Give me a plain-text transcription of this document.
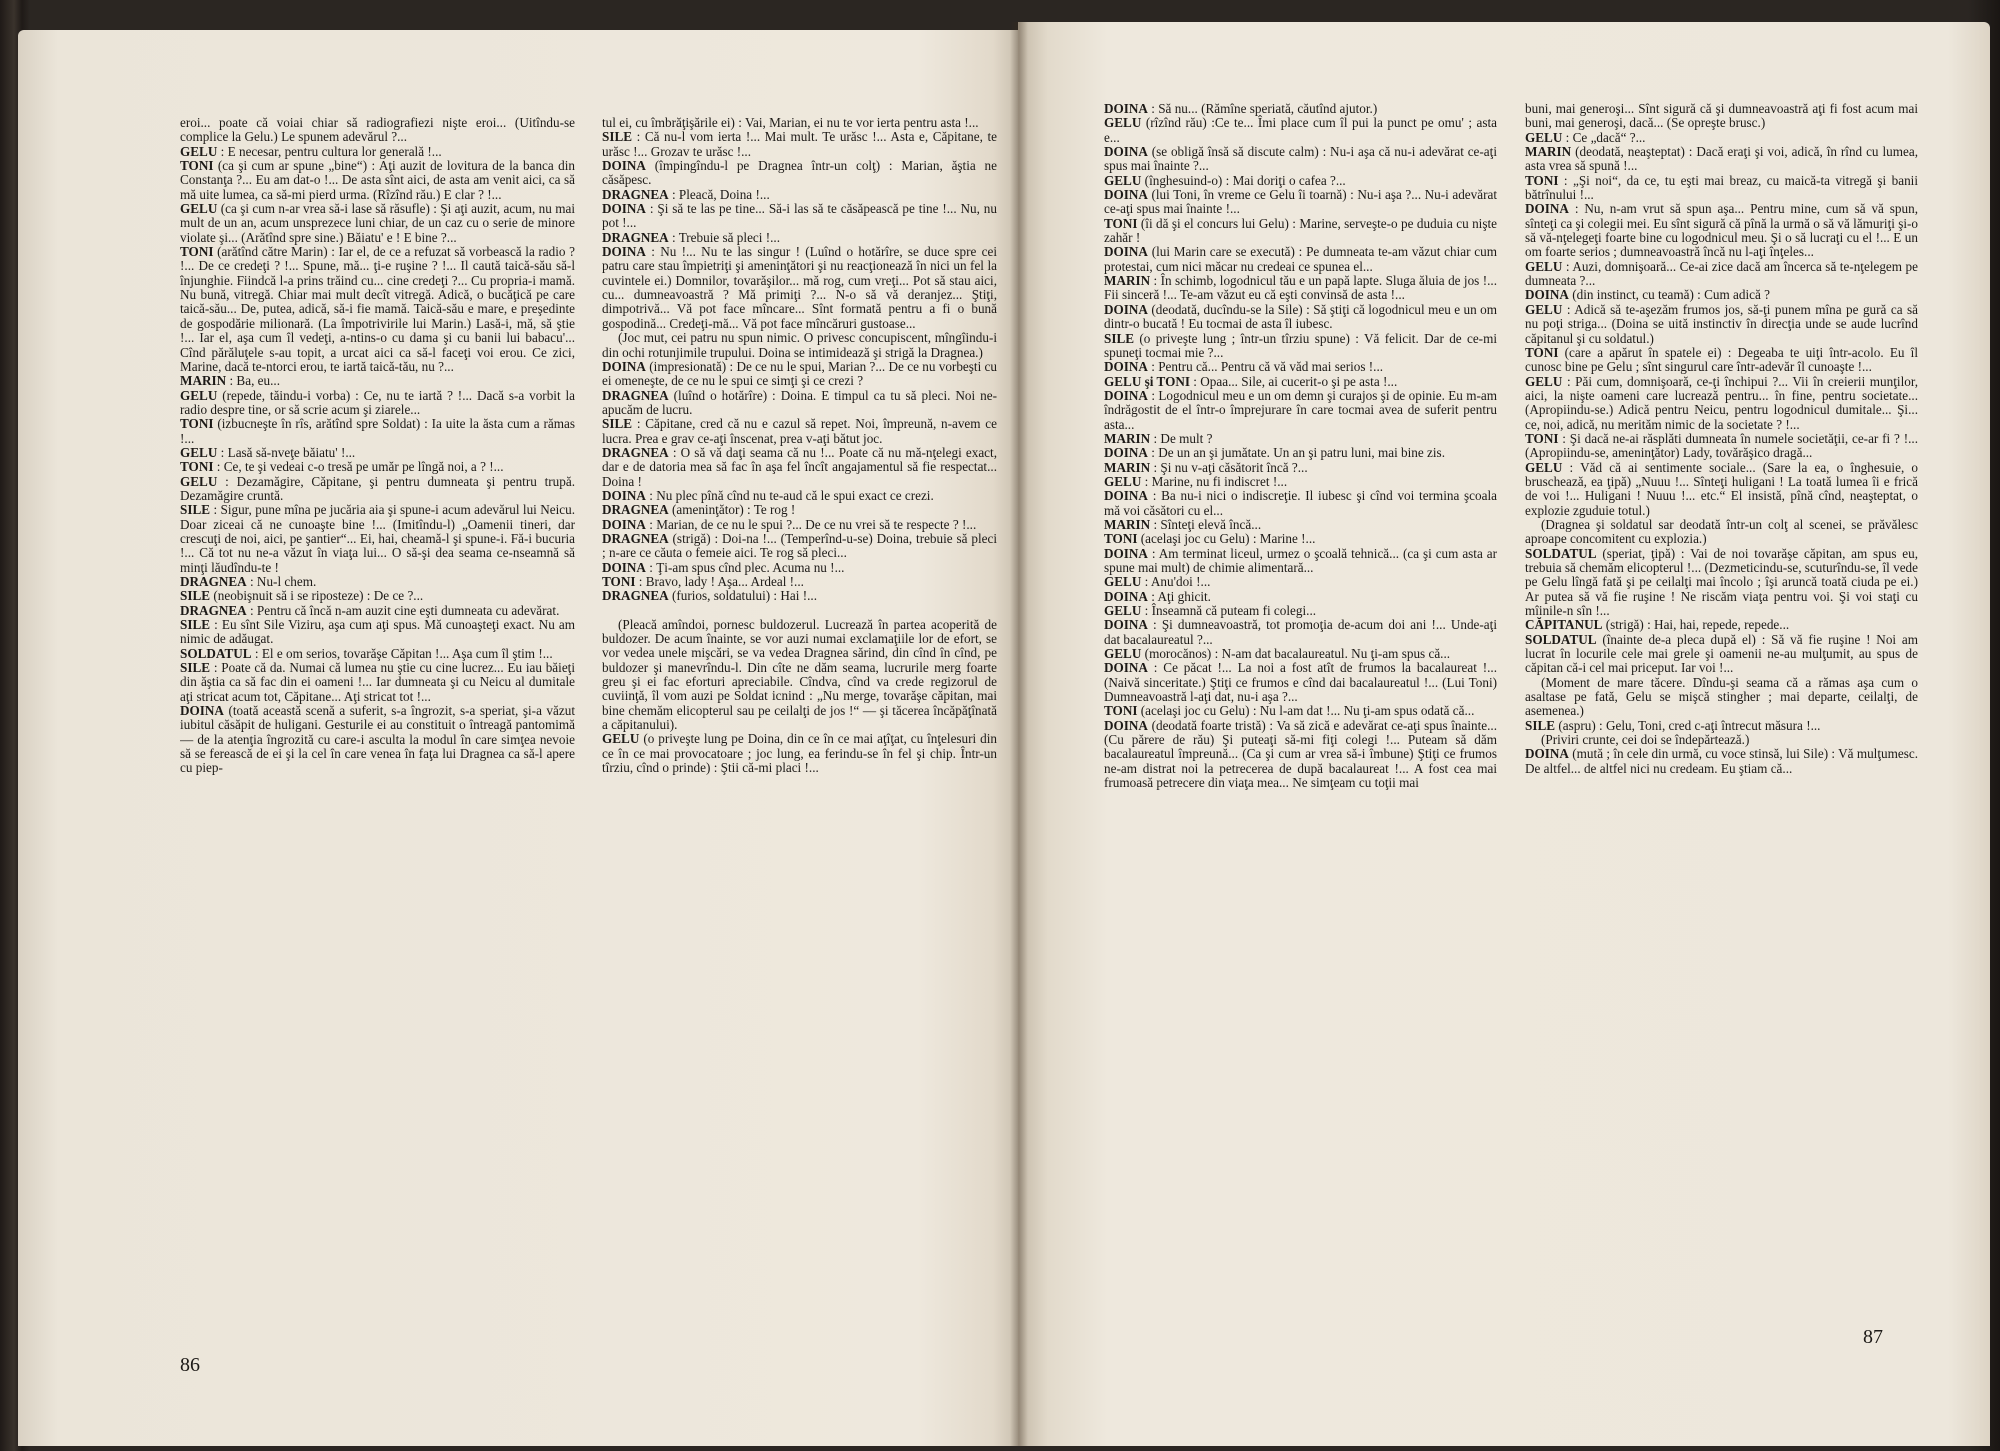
eroi... poate că voiai chiar să radiografiezi nişte eroi... (Uitîndu-se complice la Gelu.) Le spunem adevărul ?...

GELU : E necesar, pentru cultura lor generală !...

TONI (ca şi cum ar spune „bine“) : Aţi auzit de lovitura de la banca din Constanţa ?... Eu am dat-o !... De asta sînt aici, de asta am venit aici, ca să mă uite lumea, ca să-mi pierd urma. (Rîzînd rău.) E clar ? !...

GELU (ca şi cum n-ar vrea să-i lase să răsufle) : Şi aţi auzit, acum, nu mai mult de un an, acum unsprezece luni chiar, de un caz cu o serie de minore violate şi... (Arătînd spre sine.) Băiatu' e ! E bine ?...

TONI (arătînd către Marin) : Iar el, de ce a refuzat să vorbească la radio ? !... De ce credeţi ? !... Spune, mă... ţi-e ruşine ? !... Il caută taică-său să-l înjunghie. Fiindcă l-a prins trăind cu... cine credeţi ?... Cu propria-i mamă. Nu bună, vitregă. Chiar mai mult decît vitregă. Adică, o bucăţică pe care taică-său... De, putea, adică, să-i fie mamă. Taică-său e mare, e preşedinte de gospodărie milionară. (La împotrivirile lui Marin.) Lasă-i, mă, să ştie !... Iar el, aşa cum îl vedeţi, a-ntins-o cu dama şi cu banii lui babacu'... Cînd părăluţele s-au topit, a urcat aici ca să-l faceţi voi erou. Ce zici, Marine, dacă te-ntorci erou, te iartă taică-tău, nu ?...

MARIN : Ba, eu...

GELU (repede, tăindu-i vorba) : Ce, nu te iartă ? !... Dacă s-a vorbit la radio despre tine, or să scrie acum şi ziarele...

TONI (izbucneşte în rîs, arătînd spre Soldat) : Ia uite la ăsta cum a rămas !...

GELU : Lasă să-nveţe băiatu' !...

TONI : Ce, te şi vedeai c-o tresă pe umăr pe lîngă noi, a ? !...

GELU : Dezamăgire, Căpitane, şi pentru dumneata şi pentru trupă. Dezamăgire cruntă.

SILE : Sigur, pune mîna pe jucăria aia şi spune-i acum adevărul lui Neicu. Doar ziceai că ne cunoaşte bine !... (Imitîndu-l) „Oamenii tineri, dar crescuţi de noi, aici, pe şantier“... Ei, hai, cheamă-l şi spune-i. Fă-i bucuria !... Că tot nu ne-a văzut în viaţa lui... O să-şi dea seama ce-nseamnă să minţi lăudîndu-te !

DRAGNEA : Nu-l chem.

SILE (neobişnuit să i se riposteze) : De ce ?...

DRAGNEA : Pentru că încă n-am auzit cine eşti dumneata cu adevărat.

SILE : Eu sînt Sile Viziru, aşa cum aţi spus. Mă cunoaşteţi exact. Nu am nimic de adăugat.

SOLDATUL : El e om serios, tovarăşe Căpitan !... Aşa cum îl ştim !...

SILE : Poate că da. Numai că lumea nu ştie cu cine lucrez... Eu iau băieţi din ăştia ca să fac din ei oameni !... Iar dumneata şi cu Neicu al dumitale aţi stricat acum tot, Căpitane... Aţi stricat tot !...

DOINA (toată această scenă a suferit, s-a îngrozit, s-a speriat, şi-a văzut iubitul căsăpit de huligani. Gesturile ei au constituit o întreagă pantomimă — de la atenţia îngrozită cu care-i asculta la modul în care simţea nevoie să se ferească de ei şi la cel în care venea în faţa lui Dragnea ca să-l apere cu piep-

tul ei, cu îmbrăţişările ei) : Vai, Marian, ei nu te vor ierta pentru asta !...

SILE : Că nu-l vom ierta !... Mai mult. Te urăsc !... Asta e, Căpitane, te urăsc !... Grozav te urăsc !...

DOINA (împingîndu-l pe Dragnea într-un colţ) : Marian, ăştia ne căsăpesc.

DRAGNEA : Pleacă, Doina !...

DOINA : Şi să te las pe tine... Să-i las să te căsăpească pe tine !... Nu, nu pot !...

DRAGNEA : Trebuie să pleci !...

DOINA : Nu !... Nu te las singur ! (Luînd o hotărîre, se duce spre cei patru care stau împietriţi şi ameninţători şi nu reacţionează în nici un fel la cuvintele ei.) Domnilor, tovarăşilor... mă rog, cum vreţi... Pot să stau aici, cu... dumneavoastră ? Mă primiţi ?... N-o să vă deranjez... Ştiţi, dimpotrivă... Vă pot face mîncare... Sînt formată pentru a fi o bună gospodină... Credeţi-mă... Vă pot face mîncăruri gustoase...

(Joc mut, cei patru nu spun nimic. O privesc concupiscent, mîngîindu-i din ochi rotunjimile trupului. Doina se intimidează şi strigă la Dragnea.)

DOINA (impresionată) : De ce nu le spui, Marian ?... De ce nu vorbeşti cu ei omeneşte, de ce nu le spui ce simţi şi ce crezi ?

DRAGNEA (luînd o hotărîre) : Doina. E timpul ca tu să pleci. Noi ne-apucăm de lucru.

SILE : Căpitane, cred că nu e cazul să repet. Noi, împreună, n-avem ce lucra. Prea e grav ce-aţi înscenat, prea v-aţi bătut joc.

DRAGNEA : O să vă daţi seama că nu !... Poate că nu mă-nţelegi exact, dar e de datoria mea să fac în aşa fel încît angajamentul să fie respectat... Doina !

DOINA : Nu plec pînă cînd nu te-aud că le spui exact ce crezi.

DRAGNEA (ameninţător) : Te rog !

DOINA : Marian, de ce nu le spui ?... De ce nu vrei să te respecte ? !...

DRAGNEA (strigă) : Doi-na !... (Temperînd-u-se) Doina, trebuie să pleci ; n-are ce căuta o femeie aici. Te rog să pleci...

DOINA : Ţi-am spus cînd plec. Acuma nu !...

TONI : Bravo, lady ! Aşa... Ardeal !...

DRAGNEA (furios, soldatului) : Hai !...

(Pleacă amîndoi, pornesc buldozerul. Lucrează în partea acoperită de buldozer. De acum înainte, se vor auzi numai exclamaţiile lor de efort, se vor vedea unele mişcări, se va vedea Dragnea sărind, din cînd în cînd, pe buldozer şi manevrîndu-l. Din cîte ne dăm seama, lucrurile merg foarte greu şi ei fac eforturi apreciabile. Cîndva, cînd va crede regizorul de cuviinţă, îl vom auzi pe Soldat icnind : „Nu merge, tovarăşe căpitan, mai bine chemăm elicopterul sau pe ceilalţi de jos !“ — şi tăcerea încăpăţînată a căpitanului).

GELU (o priveşte lung pe Doina, din ce în ce mai aţîţat, cu înţelesuri din ce în ce mai provocatoare ; joc lung, ea ferindu-se în fel şi chip. Într-un tîrziu, cînd o prinde) : Ştii că-mi placi !...

86

DOINA : Să nu... (Rămîne speriată, căutînd ajutor.)

GELU (rîzînd rău) :Ce te... Îmi place cum îl pui la punct pe omu' ; asta e...

DOINA (se obligă însă să discute calm) : Nu-i aşa că nu-i adevărat ce-aţi spus mai înainte ?...

GELU (înghesuind-o) : Mai doriţi o cafea ?...

DOINA (lui Toni, în vreme ce Gelu îi toarnă) : Nu-i aşa ?... Nu-i adevărat ce-aţi spus mai înainte !...

TONI (îi dă şi el concurs lui Gelu) : Marine, serveşte-o pe duduia cu nişte zahăr !

DOINA (lui Marin care se execută) : Pe dumneata te-am văzut chiar cum protestai, cum nici măcar nu credeai ce spunea el...

MARIN : În schimb, logodnicul tău e un papă lapte. Sluga ăluia de jos !... Fii sinceră !... Te-am văzut eu că eşti convinsă de asta !...

DOINA (deodată, ducîndu-se la Sile) : Să ştiţi că logodnicul meu e un om dintr-o bucată ! Eu tocmai de asta îl iubesc.

SILE (o priveşte lung ; într-un tîrziu spune) : Vă felicit. Dar de ce-mi spuneţi tocmai mie ?...

DOINA : Pentru că... Pentru că vă văd mai serios !...

GELU şi TONI : Opaa... Sile, ai cucerit-o şi pe asta !...

DOINA : Logodnicul meu e un om demn şi curajos şi de opinie. Eu m-am îndrăgostit de el într-o împrejurare în care tocmai avea de suferit pentru asta...

MARIN : De mult ?

DOINA : De un an şi jumătate. Un an şi patru luni, mai bine zis.

MARIN : Şi nu v-aţi căsătorit încă ?...

GELU : Marine, nu fi indiscret !...

DOINA : Ba nu-i nici o indiscreţie. Il iubesc şi cînd voi termina şcoala mă voi căsători cu el...

MARIN : Sînteţi elevă încă...

TONI (acelaşi joc cu Gelu) : Marine !...

DOINA : Am terminat liceul, urmez o şcoală tehnică... (ca şi cum asta ar spune mai mult) de chimie alimentară...

GELU : Anu'doi !...

DOINA : Aţi ghicit.

GELU : Înseamnă că puteam fi colegi...

DOINA : Şi dumneavoastră, tot promoţia de-acum doi ani !... Unde-aţi dat bacalaureatul ?...

GELU (morocănos) : N-am dat bacalaureatul. Nu ţi-am spus că...

DOINA : Ce păcat !... La noi a fost atît de frumos la bacalaureat !... (Naivă sinceritate.) Ştiţi ce frumos e cînd dai bacalaureatul !... (Lui Toni) Dumneavoastră l-aţi dat, nu-i aşa ?...

TONI (acelaşi joc cu Gelu) : Nu l-am dat !... Nu ţi-am spus odată că...

DOINA (deodată foarte tristă) : Va să zică e adevărat ce-aţi spus înainte... (Cu părere de rău) Şi puteaţi să-mi fiţi colegi !... Puteam să dăm bacalaureatul împreună... (Ca şi cum ar vrea să-i îmbune) Ştiţi ce frumos ne-am distrat noi la petrecerea de după bacalaureat !... A fost cea mai frumoasă petrecere din viaţa mea... Ne simţeam cu toţii mai

buni, mai generoşi... Sînt sigură că şi dumneavoastră aţi fi fost acum mai buni, mai generoşi, dacă... (Se opreşte brusc.)

GELU : Ce „dacă“ ?...

MARIN (deodată, neaşteptat) : Dacă eraţi şi voi, adică, în rînd cu lumea, asta vrea să spună !...

TONI : „Şi noi“, da ce, tu eşti mai breaz, cu maică-ta vitregă şi banii bătrînului !...

DOINA : Nu, n-am vrut să spun aşa... Pentru mine, cum să vă spun, sînteţi ca şi colegii mei. Eu sînt sigură că pînă la urmă o să vă lămuriţi şi-o să vă-nţelegeţi foarte bine cu logodnicul meu. Şi o să lucraţi cu el !... E un om foarte serios ; dumneavoastră încă nu l-aţi înţeles...

GELU : Auzi, domnişoară... Ce-ai zice dacă am încerca să te-nţelegem pe dumneata ?...

DOINA (din instinct, cu teamă) : Cum adică ?

GELU : Adică să te-aşezăm frumos jos, să-ţi punem mîna pe gură ca să nu poţi striga... (Doina se uită instinctiv în direcţia unde se aude lucrînd căpitanul şi cu soldatul.)

TONI (care a apărut în spatele ei) : Degeaba te uiţi într-acolo. Eu îl cunosc bine pe Gelu ; sînt singurul care într-adevăr îl cunoaşte !...

GELU : Păi cum, domnişoară, ce-ţi închipui ?... Vii în creierii munţilor, aici, la nişte oameni care lucrează pentru... în fine, pentru societate... (Apropiindu-se.) Adică pentru Neicu, pentru logodnicul dumitale... Şi... ce, noi, adică, nu merităm nimic de la societate ? !...

TONI : Şi dacă ne-ai răsplăti dumneata în numele societăţii, ce-ar fi ? !... (Apropiindu-se, ameninţător) Lady, tovărăşico dragă...

GELU : Văd că ai sentimente sociale... (Sare la ea, o înghesuie, o bruschează, ea ţipă) „Nuuu !... Sînteţi huligani ! La toată lumea îi e frică de voi !... Huligani ! Nuuu !... etc.“ El insistă, pînă cînd, neaşteptat, o explozie zguduie totul.)

(Dragnea şi soldatul sar deodată într-un colţ al scenei, se prăvălesc aproape concomitent cu explozia.)

SOLDATUL (speriat, ţipă) : Vai de noi tovarăşe căpitan, am spus eu, trebuia să chemăm elicopterul !... (Dezmeticindu-se, scuturîndu-se, îl vede pe Gelu lîngă fată şi pe ceilalţi mai încolo ; îşi aruncă toată ciuda pe ei.) Ar putea să vă fie ruşine ! Ne riscăm viaţa pentru voi. Şi voi staţi cu mîinile-n sîn !...

CĂPITANUL (strigă) : Hai, hai, repede, repede...

SOLDATUL (înainte de-a pleca după el) : Să vă fie ruşine ! Noi am lucrat în locurile cele mai grele şi oamenii ne-au mulţumit, au spus de căpitan că-i cel mai priceput. Iar voi !...

(Moment de mare tăcere. Dîndu-şi seama că a rămas aşa cum o asaltase pe fată, Gelu se mişcă stingher ; mai departe, ceilalţi, de asemenea.)

SILE (aspru) : Gelu, Toni, cred c-aţi întrecut măsura !...

(Priviri crunte, cei doi se îndepărtează.)

DOINA (mută ; în cele din urmă, cu voce stinsă, lui Sile) : Vă mulţumesc. De altfel... de altfel nici nu credeam. Eu ştiam că...

87
